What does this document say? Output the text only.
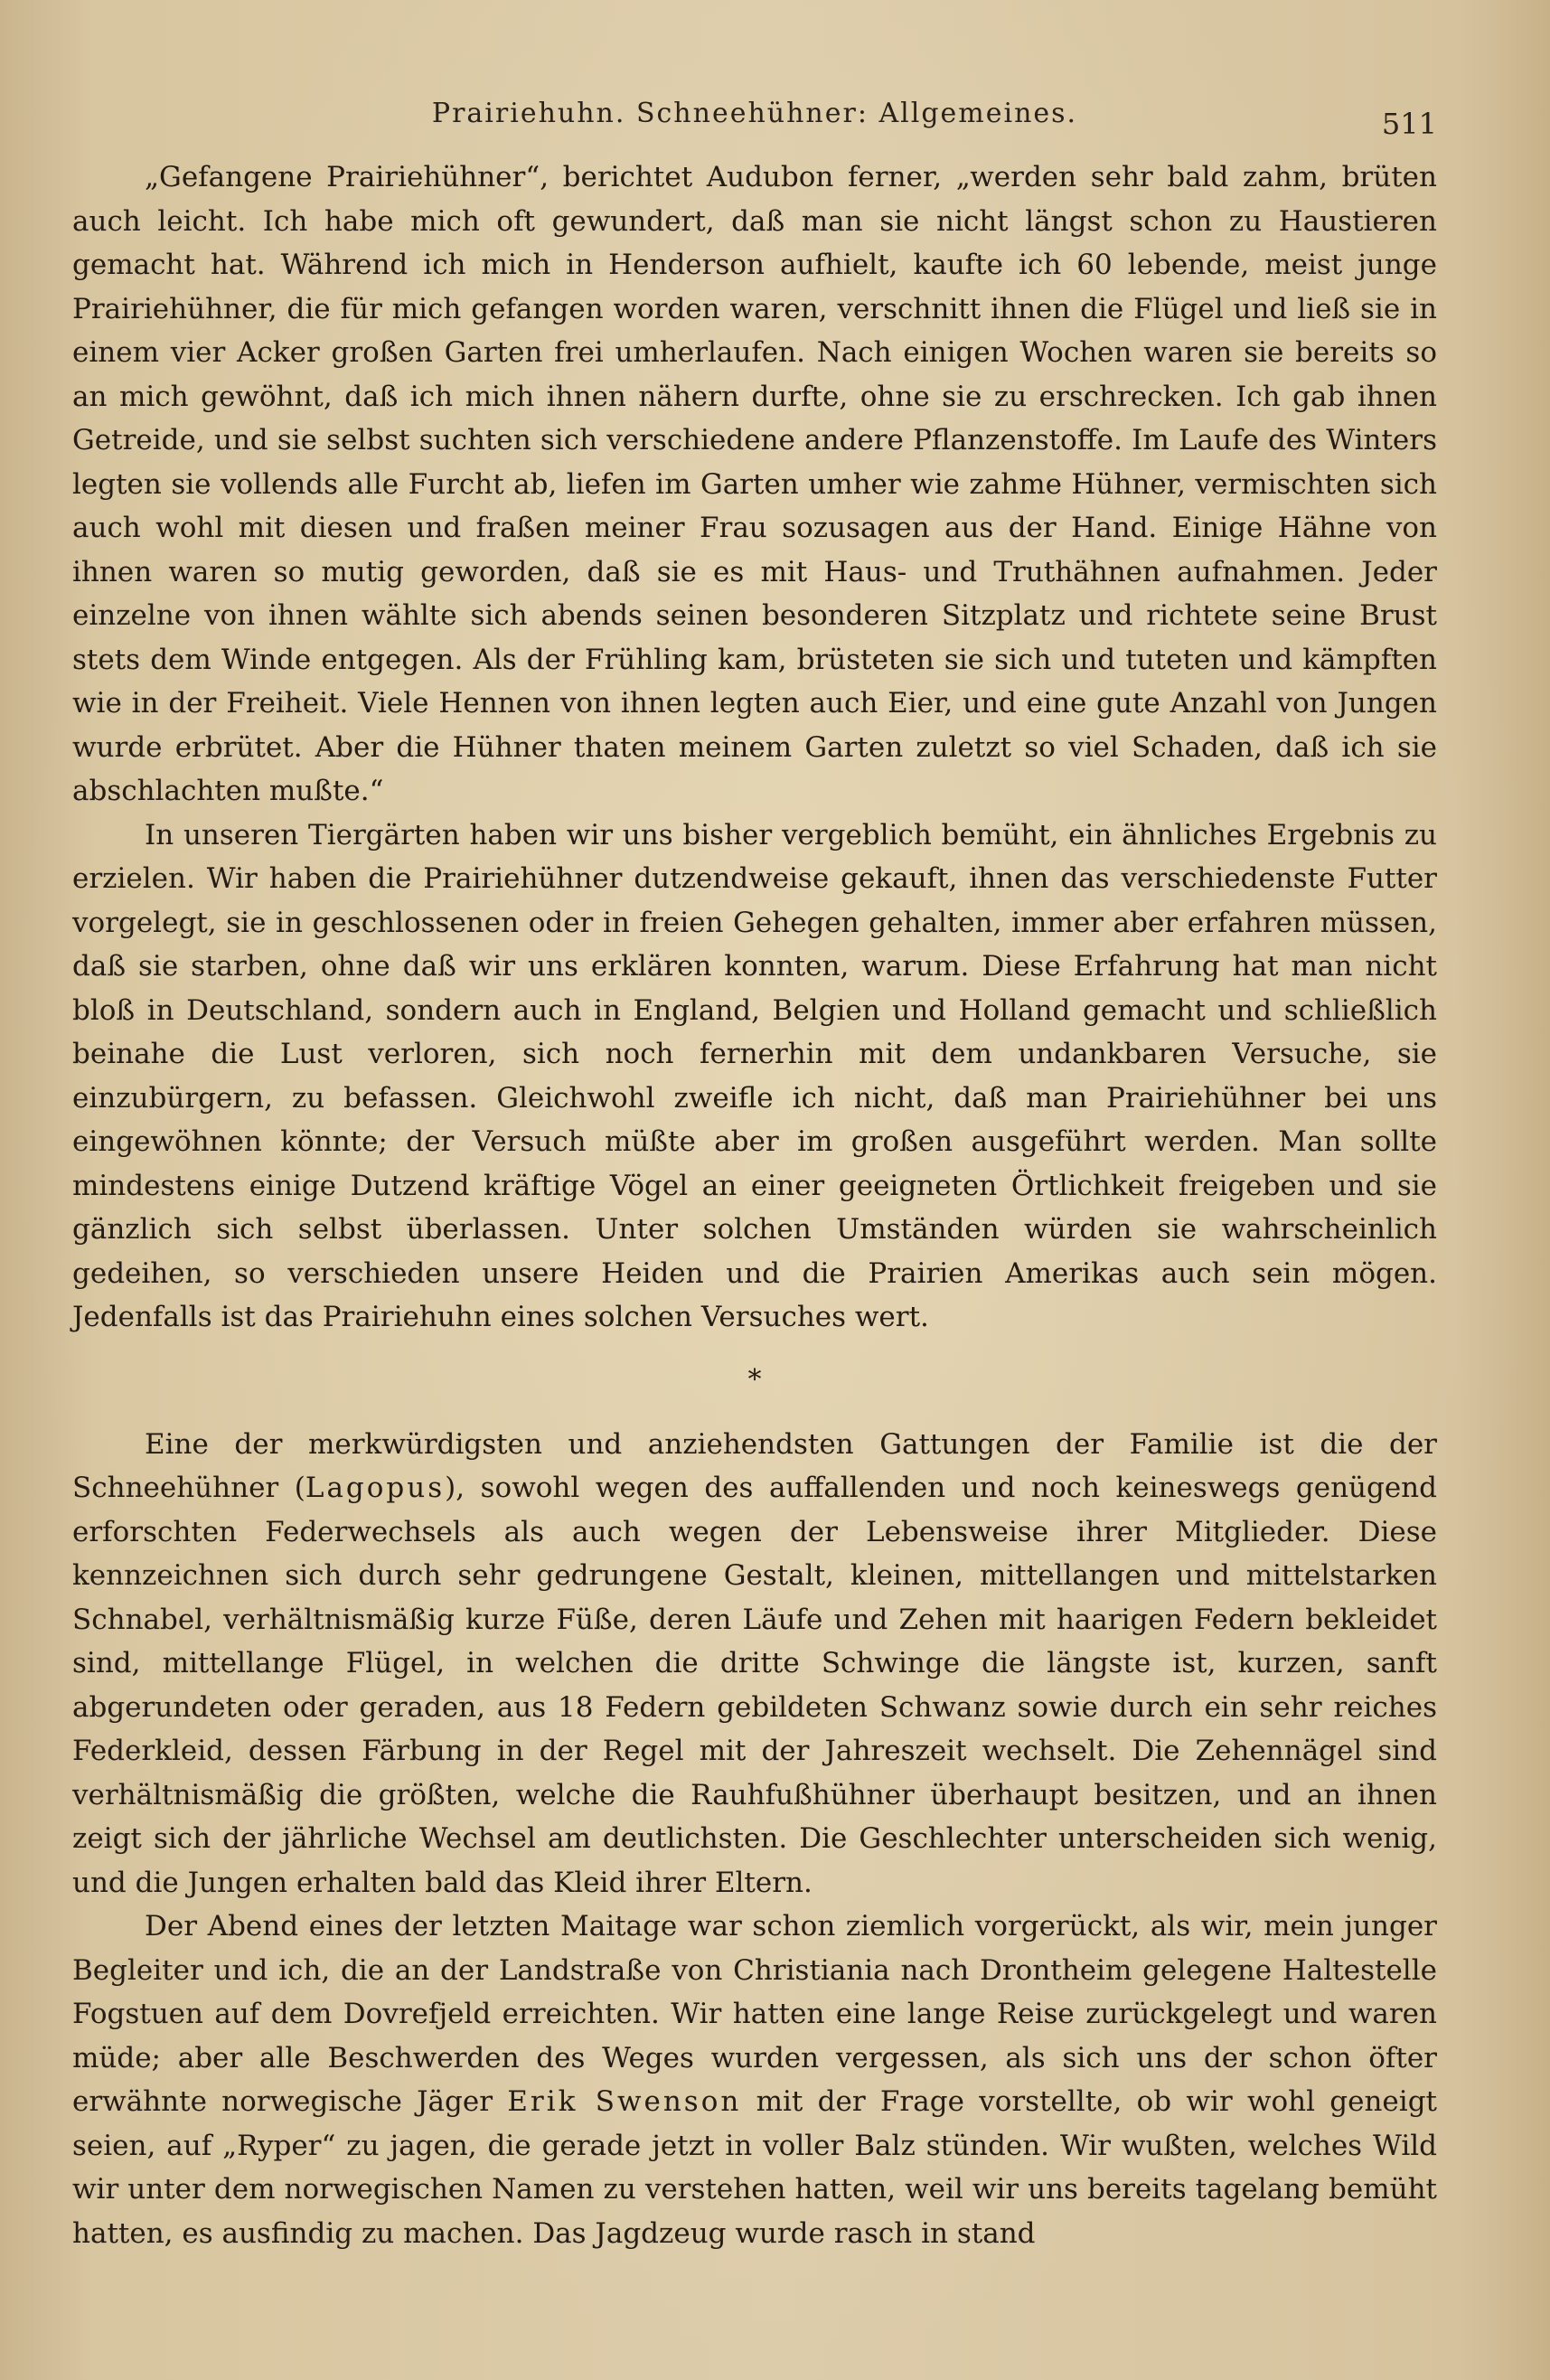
Prairiehuhn. Schneehühner: Allgemeines.	511

„Gefangene Prairiehühner“, berichtet Audubon ferner, „werden sehr bald zahm, brüten auch leicht. Ich habe mich oft gewundert, daß man sie nicht längst schon zu Haustieren gemacht hat. Während ich mich in Henderson aufhielt, kaufte ich 60 lebende, meist junge Prairiehühner, die für mich gefangen worden waren, verschnitt ihnen die Flügel und ließ sie in einem vier Acker großen Garten frei umherlaufen. Nach einigen Wochen waren sie bereits so an mich gewöhnt, daß ich mich ihnen nähern durfte, ohne sie zu erschrecken. Ich gab ihnen Getreide, und sie selbst suchten sich verschiedene andere Pflanzenstoffe. Im Laufe des Winters legten sie vollends alle Furcht ab, liefen im Garten umher wie zahme Hühner, vermischten sich auch wohl mit diesen und fraßen meiner Frau sozusagen aus der Hand. Einige Hähne von ihnen waren so mutig geworden, daß sie es mit Haus- und Truthähnen aufnahmen. Jeder einzelne von ihnen wählte sich abends seinen besonderen Sitzplatz und richtete seine Brust stets dem Winde entgegen. Als der Frühling kam, brüsteten sie sich und tuteten und kämpften wie in der Freiheit. Viele Hennen von ihnen legten auch Eier, und eine gute Anzahl von Jungen wurde erbrütet. Aber die Hühner thaten meinem Garten zuletzt so viel Schaden, daß ich sie abschlachten mußte.“

In unseren Tiergärten haben wir uns bisher vergeblich bemüht, ein ähnliches Ergebnis zu erzielen. Wir haben die Prairiehühner dutzendweise gekauft, ihnen das verschiedenste Futter vorgelegt, sie in geschlossenen oder in freien Gehegen gehalten, immer aber erfahren müssen, daß sie starben, ohne daß wir uns erklären konnten, warum. Diese Erfahrung hat man nicht bloß in Deutschland, sondern auch in England, Belgien und Holland gemacht und schließlich beinahe die Lust verloren, sich noch fernerhin mit dem undankbaren Versuche, sie einzubürgern, zu befassen. Gleichwohl zweifle ich nicht, daß man Prairiehühner bei uns eingewöhnen könnte; der Versuch müßte aber im großen ausgeführt werden. Man sollte mindestens einige Dutzend kräftige Vögel an einer geeigneten Örtlichkeit freigeben und sie gänzlich sich selbst überlassen. Unter solchen Umständen würden sie wahrscheinlich gedeihen, so verschieden unsere Heiden und die Prairien Amerikas auch sein mögen. Jedenfalls ist das Prairiehuhn eines solchen Versuches wert.

*

Eine der merkwürdigsten und anziehendsten Gattungen der Familie ist die der Schneehühner (Lagopus), sowohl wegen des auffallenden und noch keineswegs genügend erforschten Federwechsels als auch wegen der Lebensweise ihrer Mitglieder. Diese kennzeichnen sich durch sehr gedrungene Gestalt, kleinen, mittellangen und mittelstarken Schnabel, verhältnismäßig kurze Füße, deren Läufe und Zehen mit haarigen Federn bekleidet sind, mittellange Flügel, in welchen die dritte Schwinge die längste ist, kurzen, sanft abgerundeten oder geraden, aus 18 Federn gebildeten Schwanz sowie durch ein sehr reiches Federkleid, dessen Färbung in der Regel mit der Jahreszeit wechselt. Die Zehennägel sind verhältnismäßig die größten, welche die Rauhfußhühner überhaupt besitzen, und an ihnen zeigt sich der jährliche Wechsel am deutlichsten. Die Geschlechter unterscheiden sich wenig, und die Jungen erhalten bald das Kleid ihrer Eltern.

Der Abend eines der letzten Maitage war schon ziemlich vorgerückt, als wir, mein junger Begleiter und ich, die an der Landstraße von Christiania nach Drontheim gelegene Haltestelle Fogstuen auf dem Dovrefjeld erreichten. Wir hatten eine lange Reise zurückgelegt und waren müde; aber alle Beschwerden des Weges wurden vergessen, als sich uns der schon öfter erwähnte norwegische Jäger Erik Swenson mit der Frage vorstellte, ob wir wohl geneigt seien, auf „Ryper“ zu jagen, die gerade jetzt in voller Balz stünden. Wir wußten, welches Wild wir unter dem norwegischen Namen zu verstehen hatten, weil wir uns bereits tagelang bemüht hatten, es ausfindig zu machen. Das Jagdzeug wurde rasch in stand
